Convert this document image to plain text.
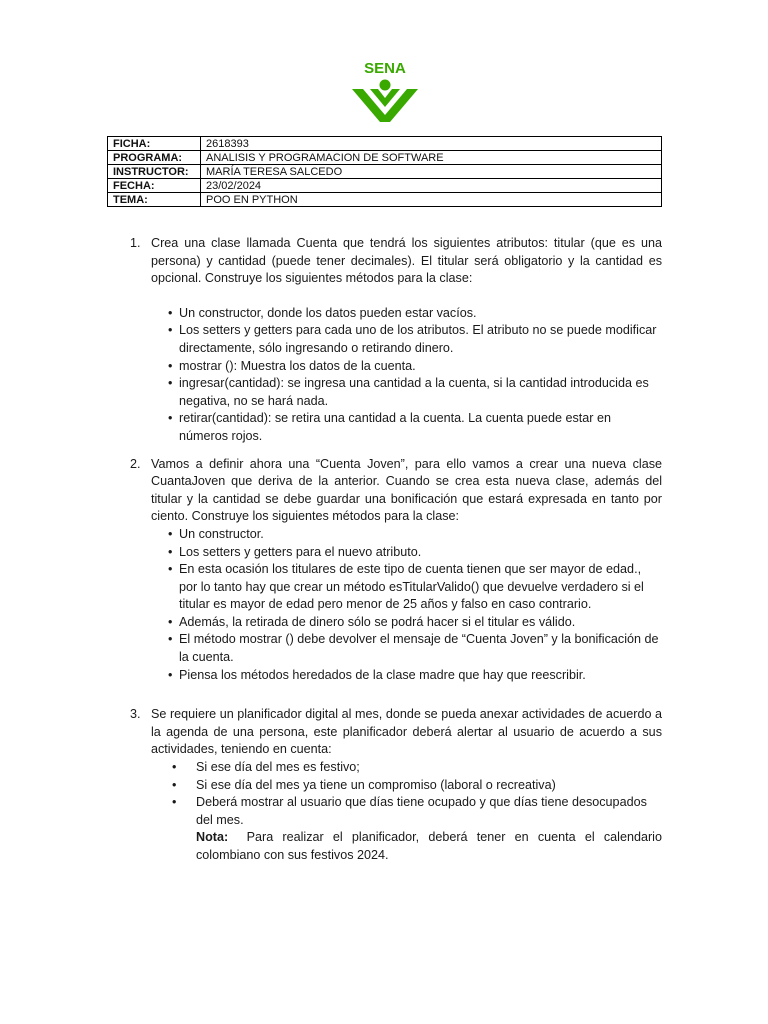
SENA
FICHA:	2618393
PROGRAMA:	ANALISIS Y PROGRAMACION DE SOFTWARE
INSTRUCTOR:	MARÍA TERESA SALCEDO
FECHA:	23/02/2024
TEMA:	POO EN PYTHON
1. Crea una clase llamada Cuenta que tendrá los siguientes atributos: titular (que es una persona) y cantidad (puede tener decimales). El titular será obligatorio y la cantidad es opcional. Construye los siguientes métodos para la clase:
• Un constructor, donde los datos pueden estar vacíos.
• Los setters y getters para cada uno de los atributos. El atributo no se puede modificar directamente, sólo ingresando o retirando dinero.
• mostrar (): Muestra los datos de la cuenta.
• ingresar(cantidad): se ingresa una cantidad a la cuenta, si la cantidad introducida es negativa, no se hará nada.
• retirar(cantidad): se retira una cantidad a la cuenta. La cuenta puede estar en números rojos.
2. Vamos a definir ahora una “Cuenta Joven”, para ello vamos a crear una nueva clase CuantaJoven que deriva de la anterior. Cuando se crea esta nueva clase, además del titular y la cantidad se debe guardar una bonificación que estará expresada en tanto por ciento. Construye los siguientes métodos para la clase:
• Un constructor.
• Los setters y getters para el nuevo atributo.
• En esta ocasión los titulares de este tipo de cuenta tienen que ser mayor de edad., por lo tanto hay que crear un método esTitularValido() que devuelve verdadero si el titular es mayor de edad pero menor de 25 años y falso en caso contrario.
• Además, la retirada de dinero sólo se podrá hacer si el titular es válido.
• El método mostrar () debe devolver el mensaje de “Cuenta Joven” y la bonificación de la cuenta.
• Piensa los métodos heredados de la clase madre que hay que reescribir.
3. Se requiere un planificador digital al mes, donde se pueda anexar actividades de acuerdo a la agenda de una persona, este planificador deberá alertar al usuario de acuerdo a sus actividades, teniendo en cuenta:
• Si ese día del mes es festivo;
• Si ese día del mes ya tiene un compromiso (laboral o recreativa)
• Deberá mostrar al usuario que días tiene ocupado y que días tiene desocupados del mes.
Nota:  Para realizar el planificador, deberá tener en cuenta el calendario colombiano con sus festivos 2024.
